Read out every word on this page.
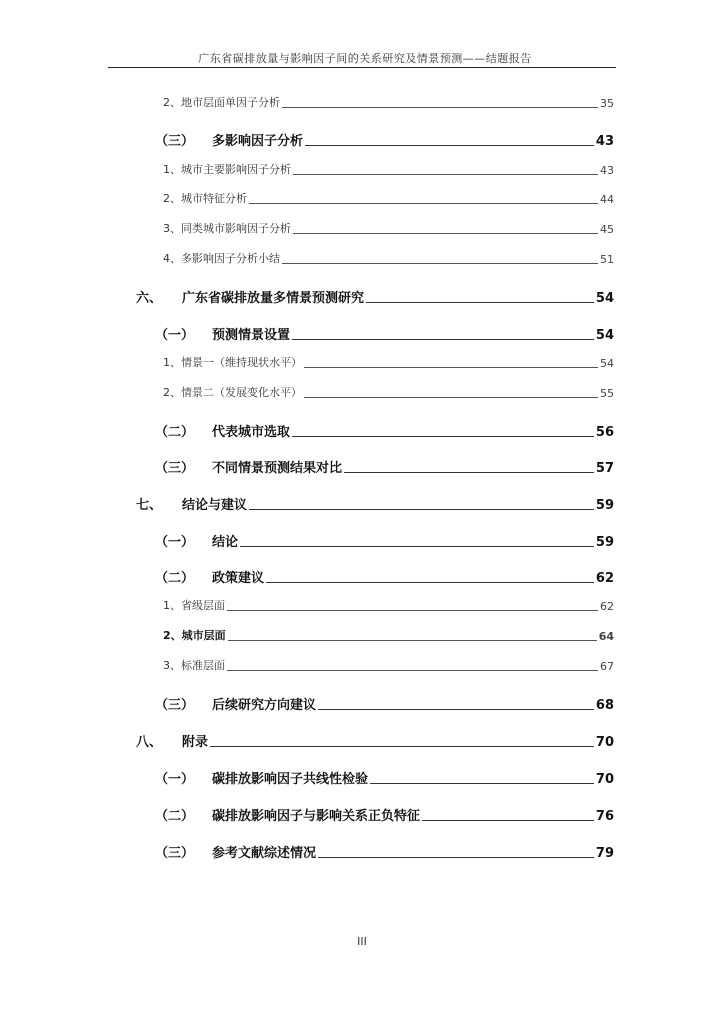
广东省碳排放量与影响因子间的关系研究及情景预测——结题报告
2、地市层面单因子分析	35
（三）	多影响因子分析	43
1、城市主要影响因子分析	43
2、城市特征分析	44
3、同类城市影响因子分析	45
4、多影响因子分析小结	51
六、	广东省碳排放量多情景预测研究	54
（一）	预测情景设置	54
1、情景一（维持现状水平）	54
2、情景二（发展变化水平）	55
（二）	代表城市选取	56
（三）	不同情景预测结果对比	57
七、	结论与建议	59
（一）	结论	59
（二）	政策建议	62
1、省级层面	62
2、城市层面	64
3、标准层面	67
（三）	后续研究方向建议	68
八、	附录	70
（一）	碳排放影响因子共线性检验	70
（二）	碳排放影响因子与影响关系正负特征	76
（三）	参考文献综述情况	79
III
